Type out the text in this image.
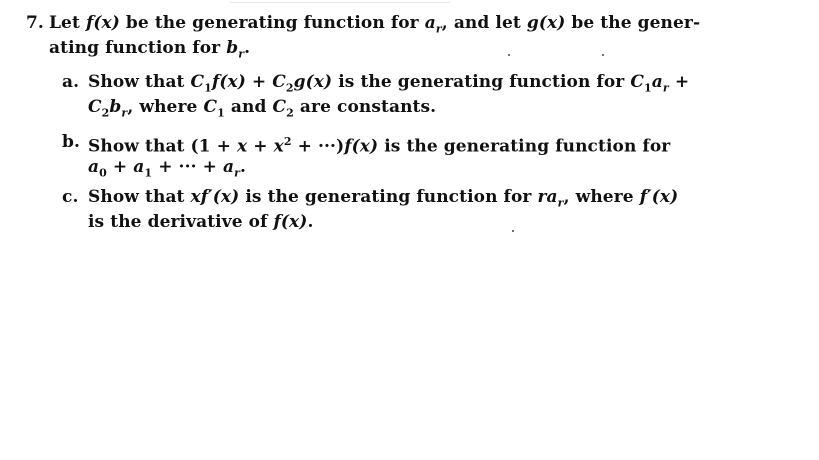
7. Let f(x) be the generating function for $a_r$, and let g(x) be the gener-
ating function for $b_r$.
a. Show that $C_1f(x) + C_2g(x)$ is the generating function for $C_1a_r$ +
$C_2b_r$, where $C_1$ and $C_2$ are constants.
b. Show that $(1 + x + x^2 + \cdot\cdot\cdot)f(x)$ is the generating function for
$a_0 + a_1$ + ··· + $a_r$.
c. Show that xf′(x) is the generating function for $ra_r$, where f′(x)
is the derivative of f(x).
